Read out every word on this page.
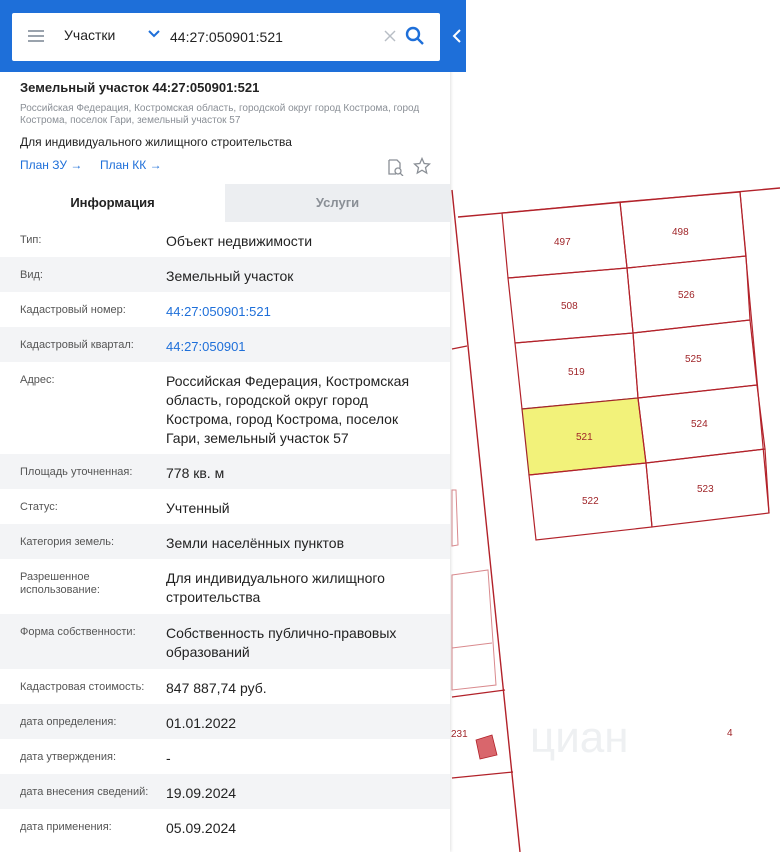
циан
497
498
508
526
519
525
521
524
522
523
231	4
Земельный участок 44:27:050901:521
Российская Федерация, Костромская область, городской округ город Кострома, город Кострома, поселок Гари, земельный участок 57
Для индивидуального жилищного строительства
План ЗУ → План КК →
Информация	Услуги
Тип:	Объект недвижимости
Вид:	Земельный участок
Кадастровый номер:	44:27:050901:521
Кадастровый квартал:	44:27:050901
Адрес:	Российская Федерация, Костромская область, городской округ город Кострома, город Кострома, поселок Гари, земельный участок 57
Площадь уточненная:	778 кв. м
Статус:	Учтенный
Категория земель:	Земли населённых пунктов
Разрешенное использование:
Для индивидуального жилищного строительства
Форма собственности:	Собственность публично-правовых образований
Кадастровая стоимость:	847 887,74 руб.
дата определения:	01.01.2022
дата утверждения:	-
дата внесения сведений:	19.09.2024
дата применения:	05.09.2024
Участки
44:27:050901:521
